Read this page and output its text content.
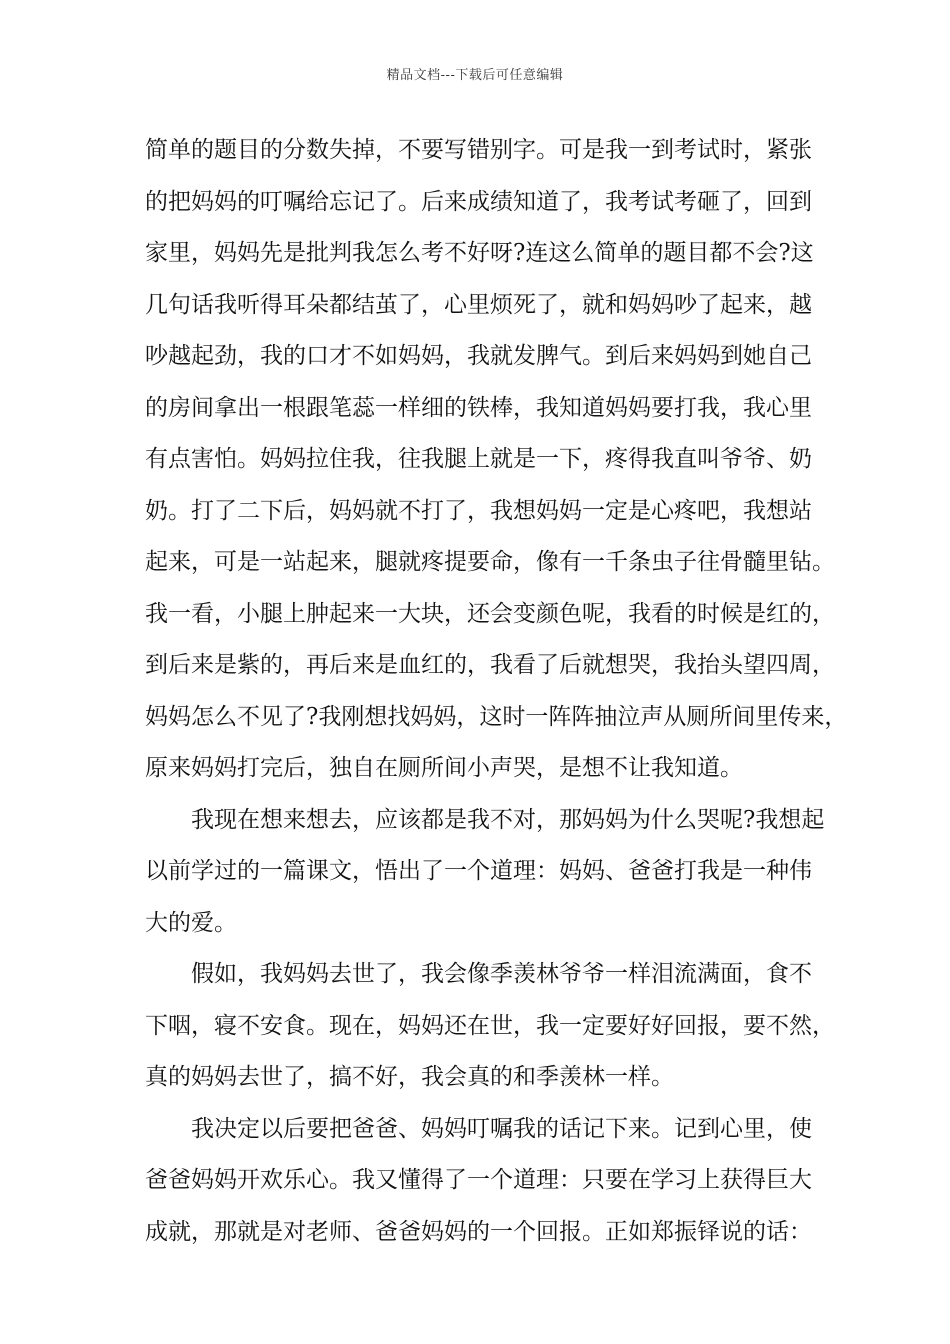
精品文档---下载后可任意编辑
简单的题目的分数失掉，不要写错别字。可是我一到考试时，紧张
的把妈妈的叮嘱给忘记了。后来成绩知道了，我考试考砸了，回到
家里，妈妈先是批判我怎么考不好呀?连这么简单的题目都不会?这
几句话我听得耳朵都结茧了，心里烦死了，就和妈妈吵了起来，越
吵越起劲，我的口才不如妈妈，我就发脾气。到后来妈妈到她自己
的房间拿出一根跟笔蕊一样细的铁棒，我知道妈妈要打我，我心里
有点害怕。妈妈拉住我，往我腿上就是一下，疼得我直叫爷爷、奶
奶。打了二下后，妈妈就不打了，我想妈妈一定是心疼吧，我想站
起来，可是一站起来，腿就疼提要命，像有一千条虫子往骨髓里钻。
我一看，小腿上肿起来一大块，还会变颜色呢，我看的时候是红的，
到后来是紫的，再后来是血红的，我看了后就想哭，我抬头望四周，
妈妈怎么不见了?我刚想找妈妈，这时一阵阵抽泣声从厕所间里传来，
原来妈妈打完后，独自在厕所间小声哭，是想不让我知道。
我现在想来想去，应该都是我不对，那妈妈为什么哭呢?我想起
以前学过的一篇课文，悟出了一个道理：妈妈、爸爸打我是一种伟
大的爱。
假如，我妈妈去世了，我会像季羡林爷爷一样泪流满面，食不
下咽，寝不安食。现在，妈妈还在世，我一定要好好回报，要不然，
真的妈妈去世了，搞不好，我会真的和季羡林一样。
我决定以后要把爸爸、妈妈叮嘱我的话记下来。记到心里，使
爸爸妈妈开欢乐心。我又懂得了一个道理：只要在学习上获得巨大
成就，那就是对老师、爸爸妈妈的一个回报。正如郑振铎说的话：
